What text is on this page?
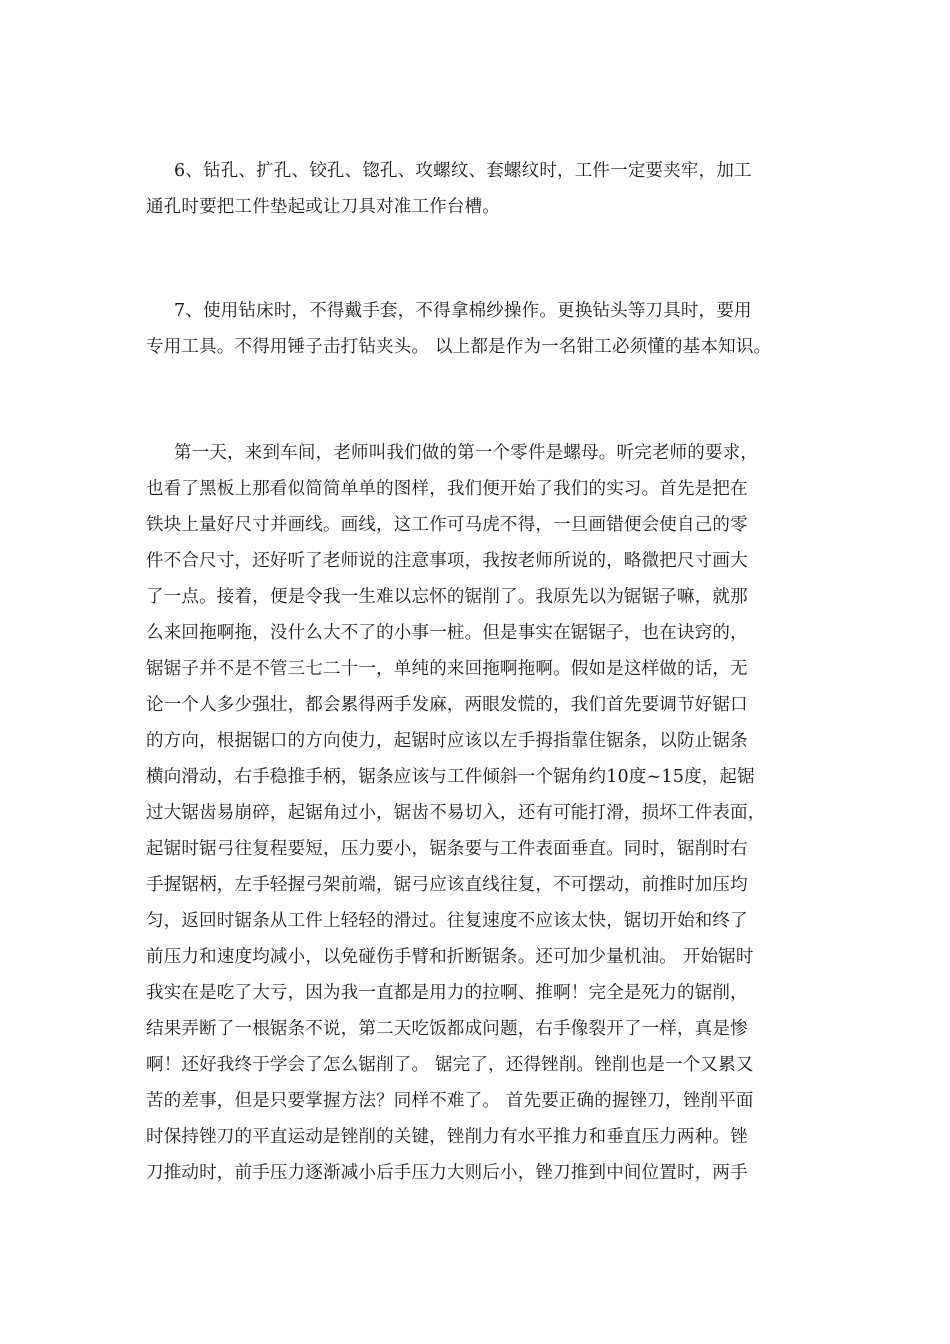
6、钻孔、扩孔、铰孔、锪孔、攻螺纹、套螺纹时，工件一定要夹牢，加工
通孔时要把工件垫起或让刀具对准工作台槽。
7、使用钻床时，不得戴手套，不得拿棉纱操作。更换钻头等刀具时，要用
专用工具。不得用锤子击打钻夹头。 以上都是作为一名钳工必须懂的基本知识。
第一天，来到车间，老师叫我们做的第一个零件是螺母。听完老师的要求，
也看了黑板上那看似简简单单的图样，我们便开始了我们的实习。首先是把在
铁块上量好尺寸并画线。画线，这工作可马虎不得，一旦画错便会使自己的零
件不合尺寸，还好听了老师说的注意事项，我按老师所说的，略微把尺寸画大
了一点。接着，便是令我一生难以忘怀的锯削了。我原先以为锯锯子嘛，就那
么来回拖啊拖，没什么大不了的小事一桩。但是事实在锯锯子，也在诀窍的，
锯锯子并不是不管三七二十一，单纯的来回拖啊拖啊。假如是这样做的话，无
论一个人多少强壮，都会累得两手发麻，两眼发慌的，我们首先要调节好锯口
的方向，根据锯口的方向使力，起锯时应该以左手拇指靠住锯条，以防止锯条
横向滑动，右手稳推手柄，锯条应该与工件倾斜一个锯角约10度~15度，起锯
过大锯齿易崩碎，起锯角过小，锯齿不易切入，还有可能打滑，损坏工件表面，
起锯时锯弓往复程要短，压力要小，锯条要与工件表面垂直。同时，锯削时右
手握锯柄，左手轻握弓架前端，锯弓应该直线往复，不可摆动，前推时加压均
匀，返回时锯条从工件上轻轻的滑过。往复速度不应该太快，锯切开始和终了
前压力和速度均减小，以免碰伤手臂和折断锯条。还可加少量机油。 开始锯时
我实在是吃了大亏，因为我一直都是用力的拉啊、推啊！完全是死力的锯削，
结果弄断了一根锯条不说，第二天吃饭都成问题，右手像裂开了一样，真是惨
啊！还好我终于学会了怎么锯削了。 锯完了，还得锉削。锉削也是一个又累又
苦的差事，但是只要掌握方法？同样不难了。 首先要正确的握锉刀，锉削平面
时保持锉刀的平直运动是锉削的关键，锉削力有水平推力和垂直压力两种。锉
刀推动时，前手压力逐渐减小后手压力大则后小，锉刀推到中间位置时，两手
